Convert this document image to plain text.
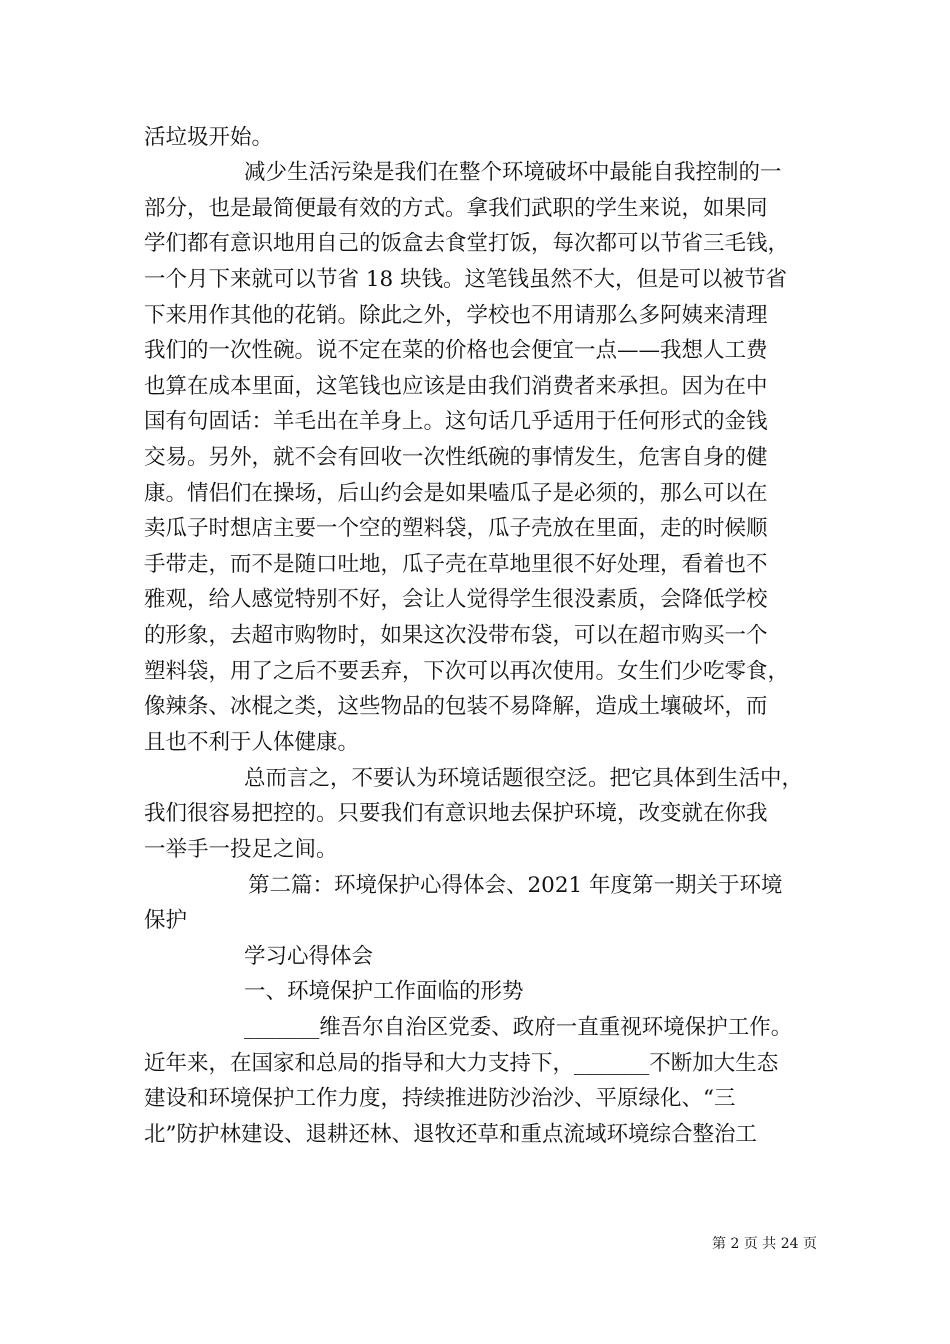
活垃圾开始。
减少生活污染是我们在整个环境破坏中最能自我控制的一
部分，也是最简便最有效的方式。拿我们武职的学生来说，如果同
学们都有意识地用自己的饭盒去食堂打饭，每次都可以节省三毛钱，
一个月下来就可以节省 18 块钱。这笔钱虽然不大，但是可以被节省
下来用作其他的花销。除此之外，学校也不用请那么多阿姨来清理
我们的一次性碗。说不定在菜的价格也会便宜一点——我想人工费
也算在成本里面，这笔钱也应该是由我们消费者来承担。因为在中
国有句固话：羊毛出在羊身上。这句话几乎适用于任何形式的金钱
交易。另外，就不会有回收一次性纸碗的事情发生，危害自身的健
康。情侣们在操场，后山约会是如果嗑瓜子是必须的，那么可以在
卖瓜子时想店主要一个空的塑料袋，瓜子壳放在里面，走的时候顺
手带走，而不是随口吐地，瓜子壳在草地里很不好处理，看着也不
雅观，给人感觉特别不好，会让人觉得学生很没素质，会降低学校
的形象，去超市购物时，如果这次没带布袋，可以在超市购买一个
塑料袋，用了之后不要丢弃，下次可以再次使用。女生们少吃零食，
像辣条、冰棍之类，这些物品的包装不易降解，造成土壤破坏，而
且也不利于人体健康。
总而言之，不要认为环境话题很空泛。把它具体到生活中，
我们很容易把控的。只要我们有意识地去保护环境，改变就在你我
一举手一投足之间。
第二篇：环境保护心得体会、2021 年度第一期关于环境
保护
学习心得体会
一、环境保护工作面临的形势
_______维吾尔自治区党委、政府一直重视环境保护工作。
近年来，在国家和总局的指导和大力支持下，_______不断加大生态
建设和环境保护工作力度，持续推进防沙治沙、平原绿化、“三
北”防护林建设、退耕还林、退牧还草和重点流域环境综合整治工
第 2 页 共 24 页
